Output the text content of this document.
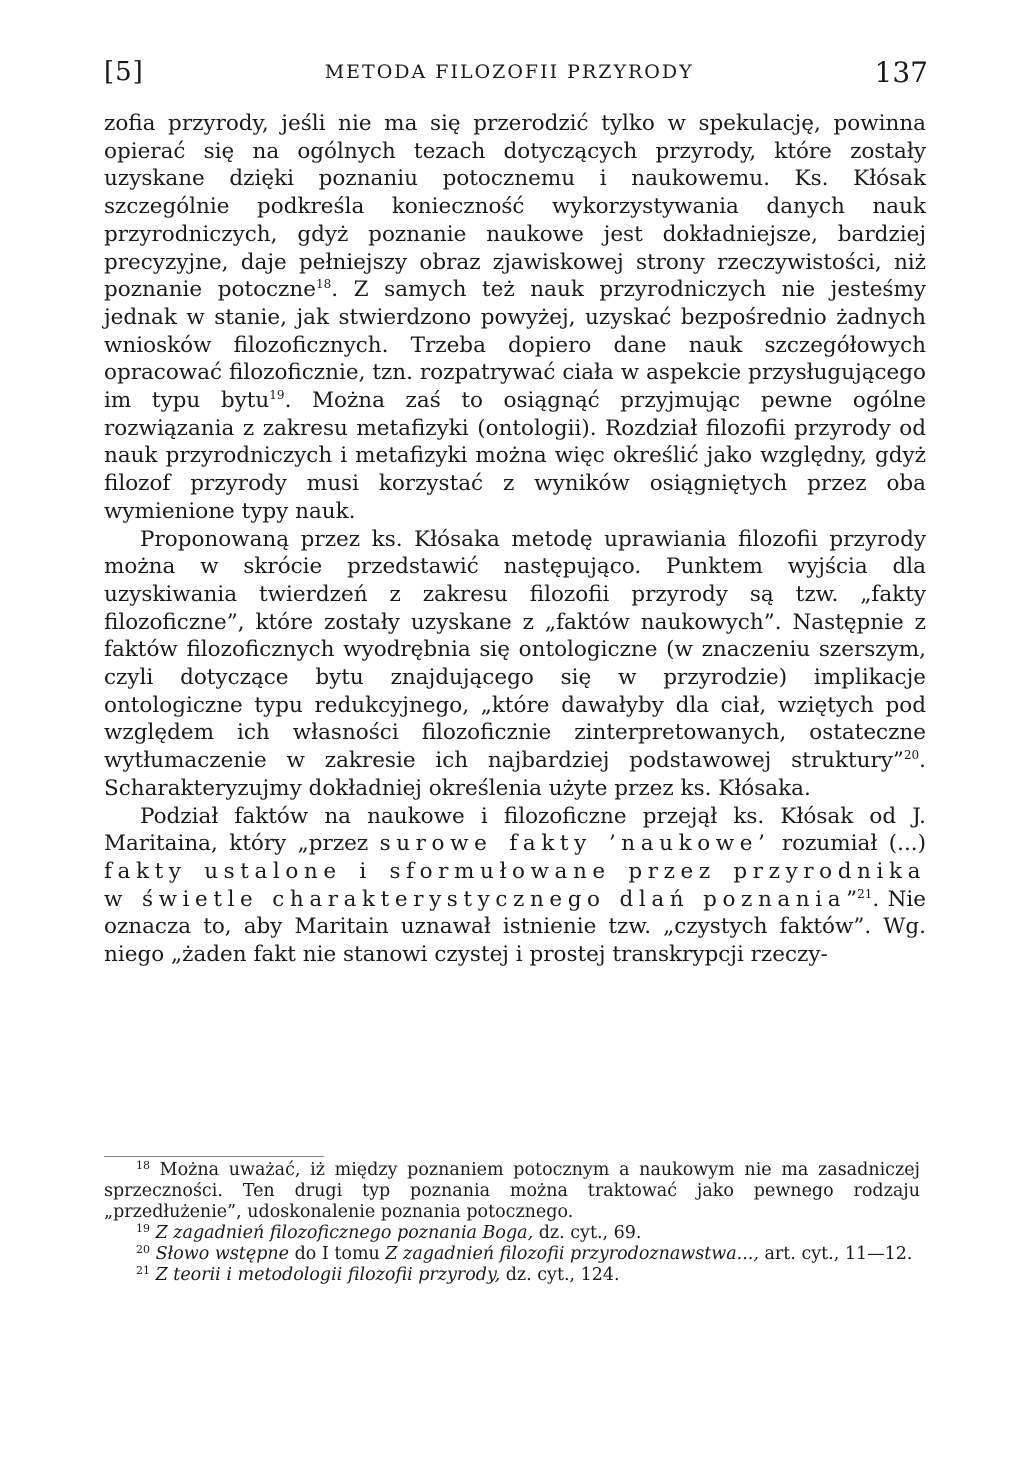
[5]	METODA FILOZOFII PRZYRODY	137

zofia przyrody, jeśli nie ma się przerodzić tylko w spekulację, powinna opierać się na ogólnych tezach dotyczących przyrody, które zostały uzyskane dzięki poznaniu potocznemu i naukowemu. Ks. Kłósak szczególnie podkreśla konieczność wykorzystywania danych nauk przyrodniczych, gdyż poznanie naukowe jest dokładniejsze, bardziej precyzyjne, daje pełniejszy obraz zjawiskowej strony rzeczywistości, niż poznanie potoczne$^{18}$. Z samych też nauk przyrodniczych nie jesteśmy jednak w stanie, jak stwierdzono powyżej, uzyskać bezpośrednio żadnych wniosków filozoficznych. Trzeba dopiero dane nauk szczegółowych opracować filozoficznie, tzn. rozpatrywać ciała w aspekcie przysługującego im typu bytu$^{19}$. Można zaś to osiągnąć przyjmując pewne ogólne rozwiązania z zakresu metafizyki (ontologii). Rozdział filozofii przyrody od nauk przyrodniczych i metafizyki można więc określić jako względny, gdyż filozof przyrody musi korzystać z wyników osiągniętych przez oba wymienione typy nauk.

Proponowaną przez ks. Kłósaka metodę uprawiania filozofii przyrody można w skrócie przedstawić następująco. Punktem wyjścia dla uzyskiwania twierdzeń z zakresu filozofii przyrody są tzw. „fakty filozoficzne”, które zostały uzyskane z „faktów naukowych”. Następnie z faktów filozoficznych wyodrębnia się ontologiczne (w znaczeniu szerszym, czyli dotyczące bytu znajdującego się w przyrodzie) implikacje ontologiczne typu redukcyjnego, „które dawałyby dla ciał, wziętych pod względem ich własności filozoficznie zinterpretowanych, ostateczne wytłumaczenie w zakresie ich najbardziej podstawowej struktury”$^{20}$. Scharakteryzujmy dokładniej określenia użyte przez ks. Kłósaka.

Podział faktów na naukowe i filozoficzne przejął ks. Kłósak od J. Maritaina, który „przez surowe fakty ’naukowe’ rozumiał (...) fakty ustalone i sformułowane przez przyrodnika w świetle charakterystycznego dlań poznania”$^{21}$. Nie oznacza to, aby Maritain uznawał istnienie tzw. „czystych faktów”. Wg. niego „żaden fakt nie stanowi czystej i prostej transkrypcji rzeczy-

$^{18}$ Można uważać, iż między poznaniem potocznym a naukowym nie ma zasadniczej sprzeczności. Ten drugi typ poznania można traktować jako pewnego rodzaju „przedłużenie”, udoskonalenie poznania potocznego.

$^{19}$ Z zagadnień filozoficznego poznania Boga, dz. cyt., 69.

$^{20}$ Słowo wstępne do I tomu Z zagadnień filozofii przyrodoznawstwa..., art. cyt., 11—12.

$^{21}$ Z teorii i metodologii filozofii przyrody, dz. cyt., 124.
